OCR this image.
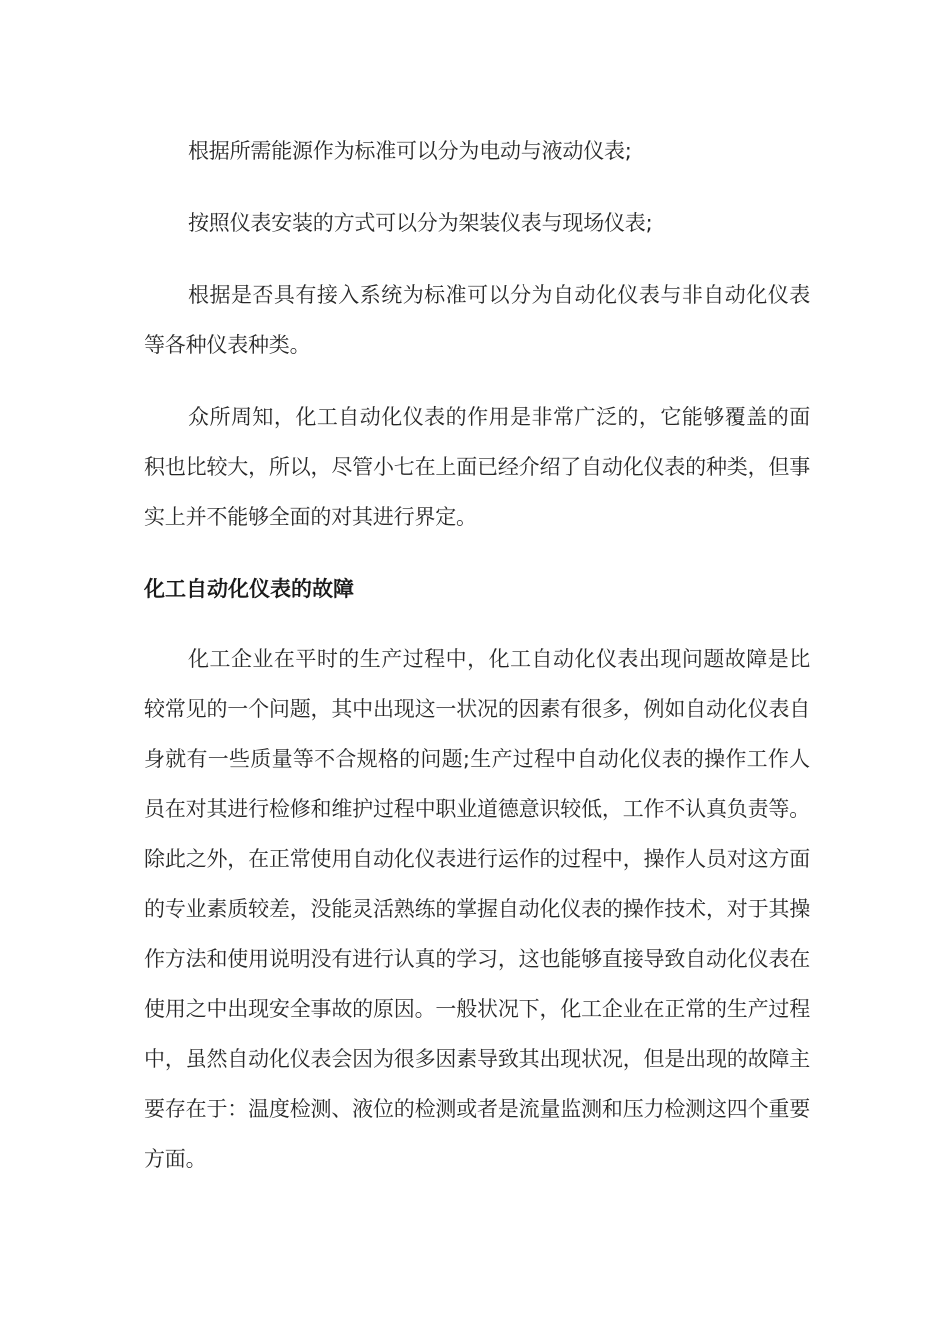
根据所需能源作为标准可以分为电动与液动仪表;

按照仪表安装的方式可以分为架装仪表与现场仪表;

根据是否具有接入系统为标准可以分为自动化仪表与非自动化仪表等各种仪表种类。

众所周知，化工自动化仪表的作用是非常广泛的，它能够覆盖的面积也比较大，所以，尽管小七在上面已经介绍了自动化仪表的种类，但事实上并不能够全面的对其进行界定。

化工自动化仪表的故障

化工企业在平时的生产过程中，化工自动化仪表出现问题故障是比较常见的一个问题，其中出现这一状况的因素有很多，例如自动化仪表自身就有一些质量等不合规格的问题;生产过程中自动化仪表的操作工作人员在对其进行检修和维护过程中职业道德意识较低，工作不认真负责等。除此之外，在正常使用自动化仪表进行运作的过程中，操作人员对这方面的专业素质较差，没能灵活熟练的掌握自动化仪表的操作技术，对于其操作方法和使用说明没有进行认真的学习，这也能够直接导致自动化仪表在使用之中出现安全事故的原因。一般状况下，化工企业在正常的生产过程中，虽然自动化仪表会因为很多因素导致其出现状况，但是出现的故障主要存在于：温度检测、液位的检测或者是流量监测和压力检测这四个重要方面。
